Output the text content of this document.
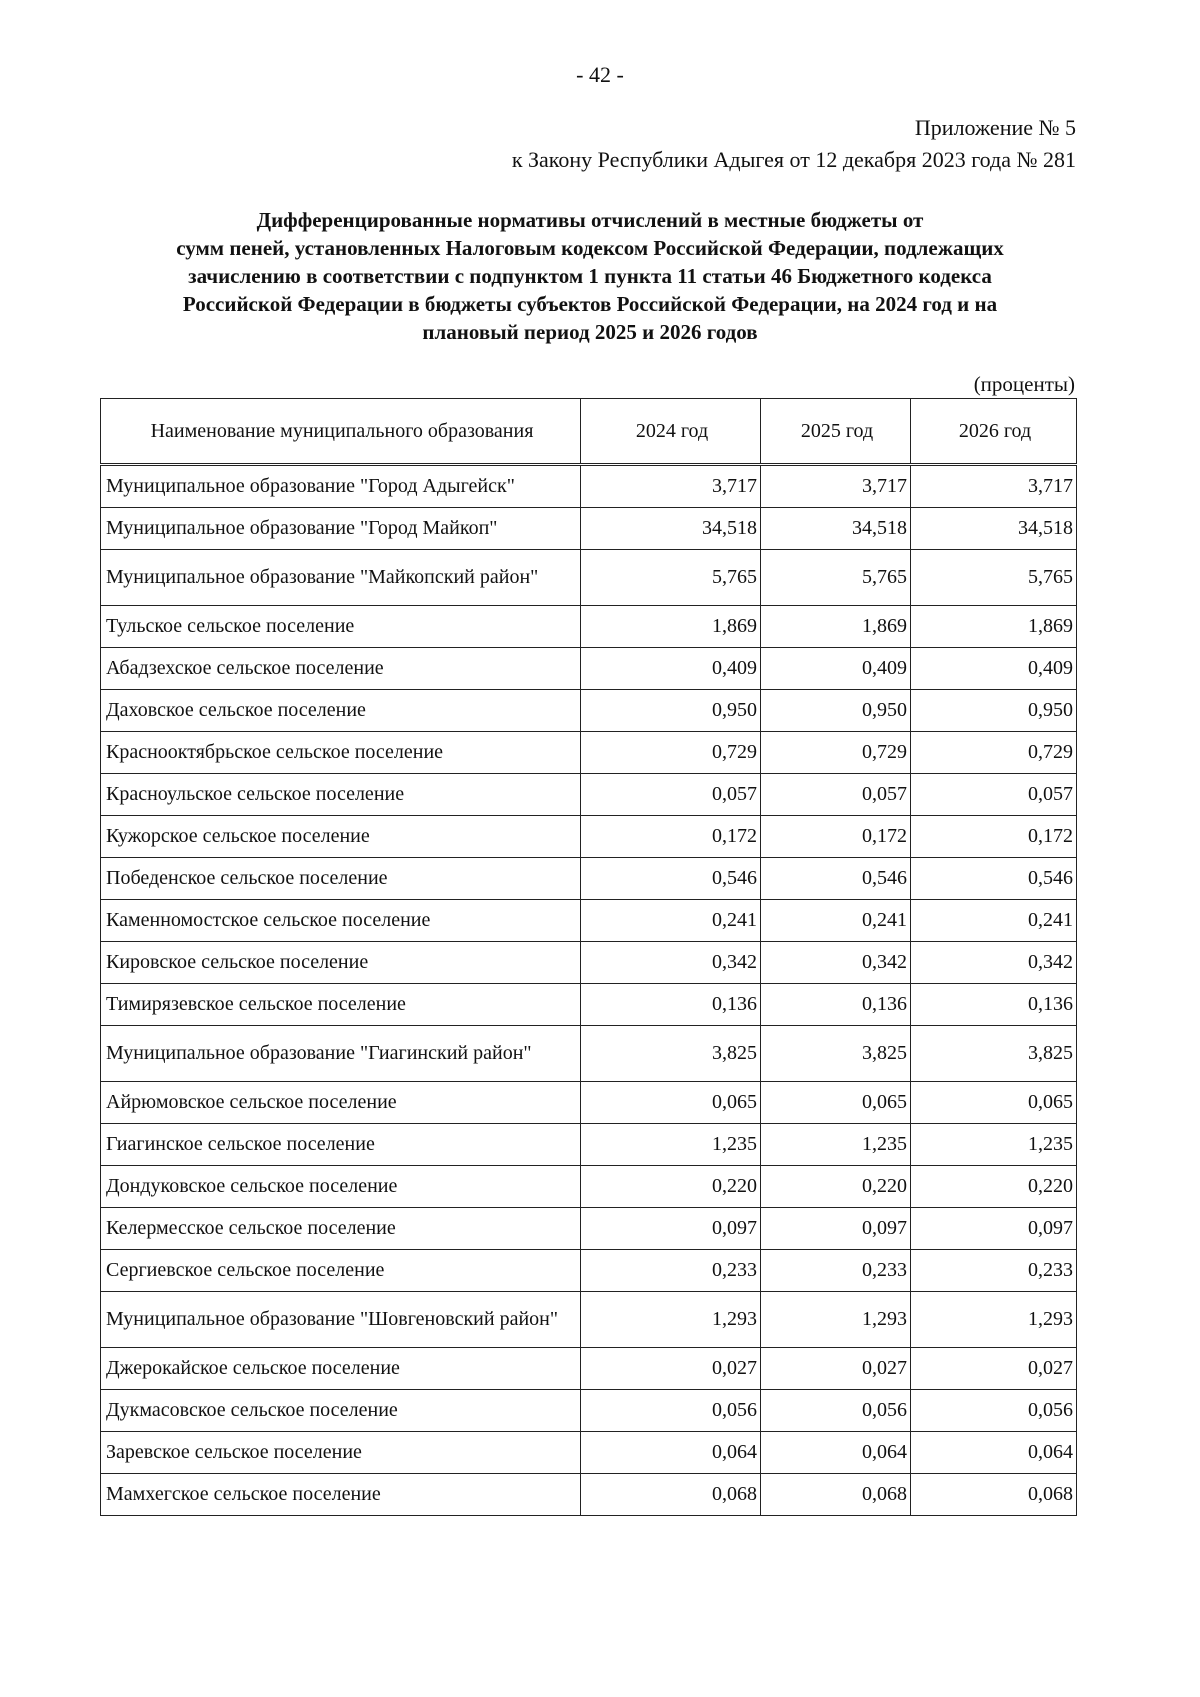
- 42 -
Приложение № 5
к Закону Республики Адыгея от 12 декабря 2023 года № 281
Дифференцированные нормативы отчислений в местные бюджеты от
сумм пеней, установленных Налоговым кодексом Российской Федерации, подлежащих
зачислению в соответствии с подпунктом 1 пункта 11 статьи 46 Бюджетного кодекса
Российской Федерации в бюджеты субъектов Российской Федерации, на 2024 год и на
плановый период 2025 и 2026 годов
(проценты)
Наименование муниципального образования	2024 год	2025 год	2026 год
Муниципальное образование "Город Адыгейск"	3,717	3,717	3,717
Муниципальное образование "Город Майкоп"	34,518	34,518	34,518
Муниципальное образование "Майкопский район"	5,765	5,765	5,765
Тульское сельское поселение	1,869	1,869	1,869
Абадзехское сельское поселение	0,409	0,409	0,409
Даховское сельское поселение	0,950	0,950	0,950
Краснооктябрьское сельское поселение	0,729	0,729	0,729
Красноульское сельское поселение	0,057	0,057	0,057
Кужорское сельское поселение	0,172	0,172	0,172
Победенское сельское поселение	0,546	0,546	0,546
Каменномостское сельское поселение	0,241	0,241	0,241
Кировское сельское поселение	0,342	0,342	0,342
Тимирязевское сельское поселение	0,136	0,136	0,136
Муниципальное образование "Гиагинский район"	3,825	3,825	3,825
Айрюмовское сельское поселение	0,065	0,065	0,065
Гиагинское сельское поселение	1,235	1,235	1,235
Дондуковское сельское поселение	0,220	0,220	0,220
Келермесское сельское поселение	0,097	0,097	0,097
Сергиевское сельское поселение	0,233	0,233	0,233
Муниципальное образование "Шовгеновский район"	1,293	1,293	1,293
Джерокайское сельское поселение	0,027	0,027	0,027
Дукмасовское сельское поселение	0,056	0,056	0,056
Заревское сельское поселение	0,064	0,064	0,064
Мамхегское сельское поселение	0,068	0,068	0,068
